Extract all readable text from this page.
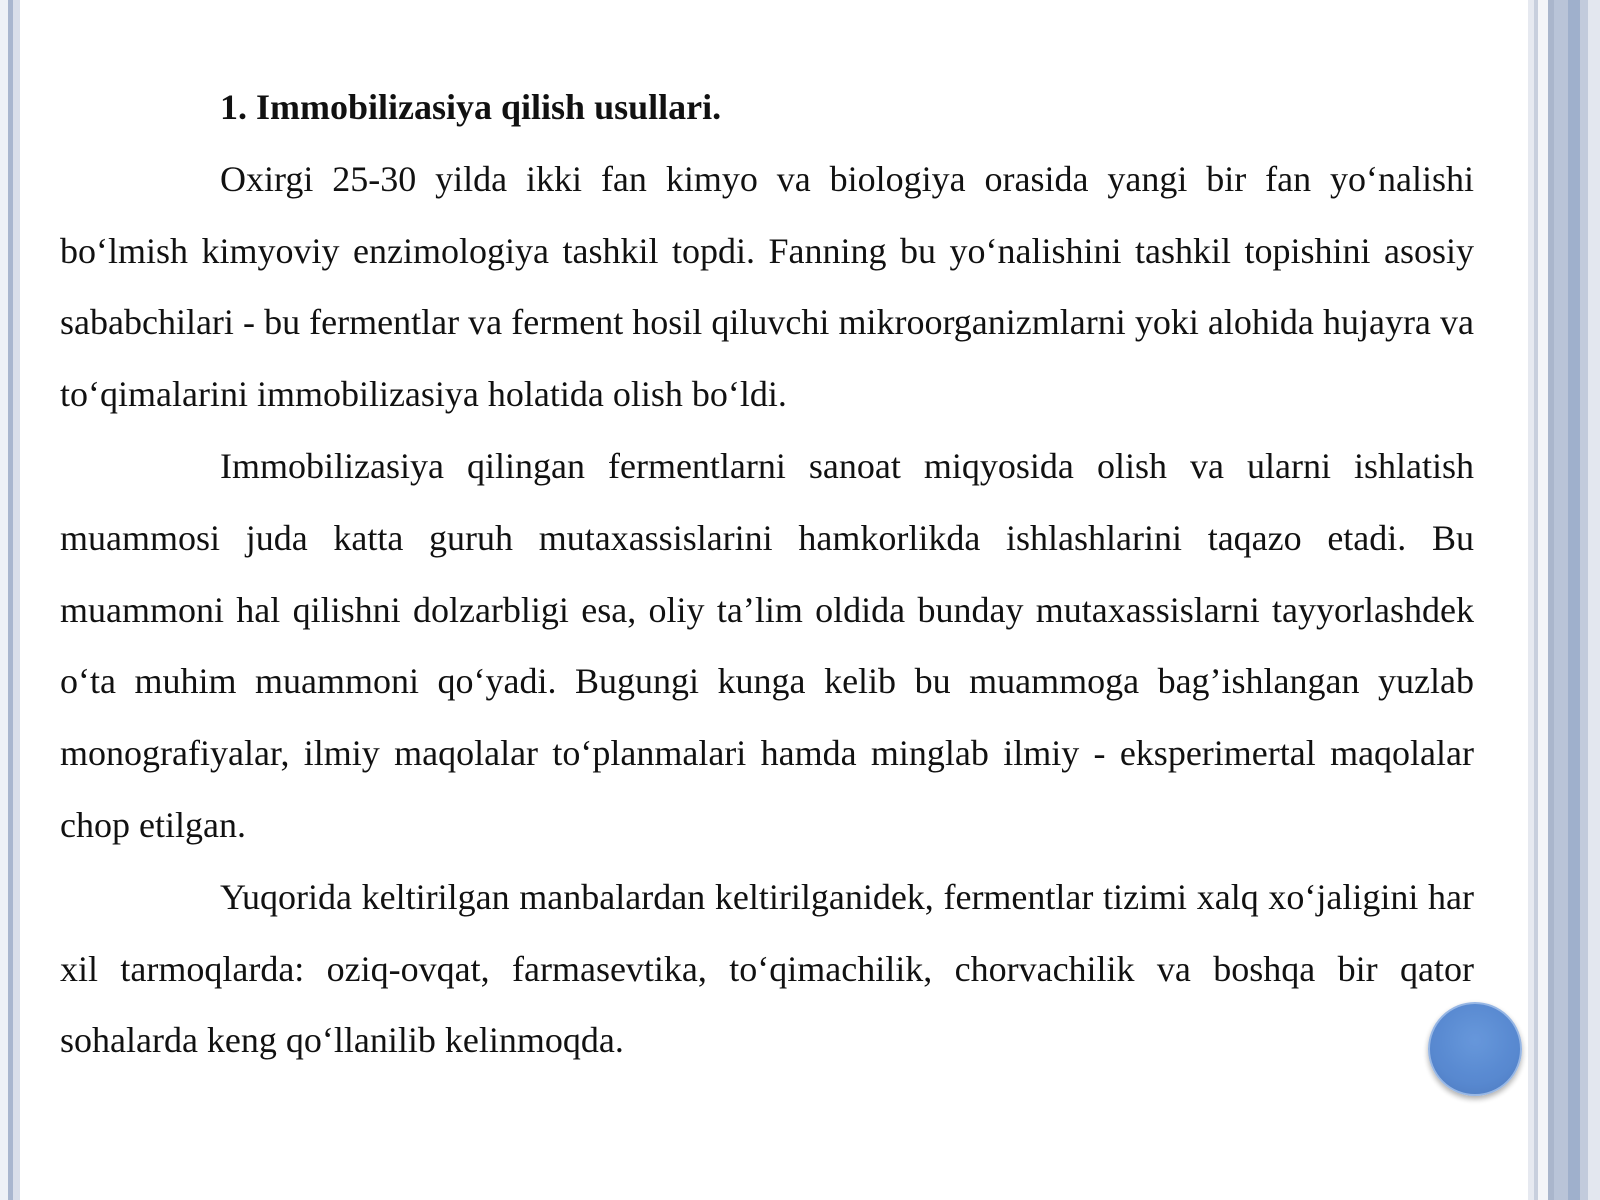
1. Immobilizasiya qilish usullari.

Oxirgi 25-30 yilda ikki fan kimyo va biologiya orasida yangi bir fan yo‘nalishi bo‘lmish kimyoviy enzimologiya tashkil topdi. Fanning bu yo‘nalishini tashkil topishini asosiy sababchilari - bu fermentlar va ferment hosil qiluvchi mikroorganizmlarni yoki alohida hujayra va to‘qimalarini immobilizasiya holatida olish bo‘ldi.

Immobilizasiya qilingan fermentlarni sanoat miqyosida olish va ularni ishlatish muammosi juda katta guruh mutaxassislarini hamkorlikda ishlashlarini taqazo etadi. Bu muammoni hal qilishni dolzarbligi esa, oliy ta’lim oldida bunday mutaxassislarni tayyorlashdek o‘ta muhim muammoni qo‘yadi. Bugungi kunga kelib bu muammoga bag’ishlangan yuzlab monografiyalar, ilmiy maqolalar to‘planmalari hamda minglab ilmiy - eksperimertal maqolalar chop etilgan.

Yuqorida keltirilgan manbalardan keltirilganidek, fermentlar tizimi xalq xo‘jaligini har xil tarmoqlarda: oziq-ovqat, farmasevtika, to‘qimachilik, chorvachilik va boshqa bir qator sohalarda keng qo‘llanilib kelinmoqda.
